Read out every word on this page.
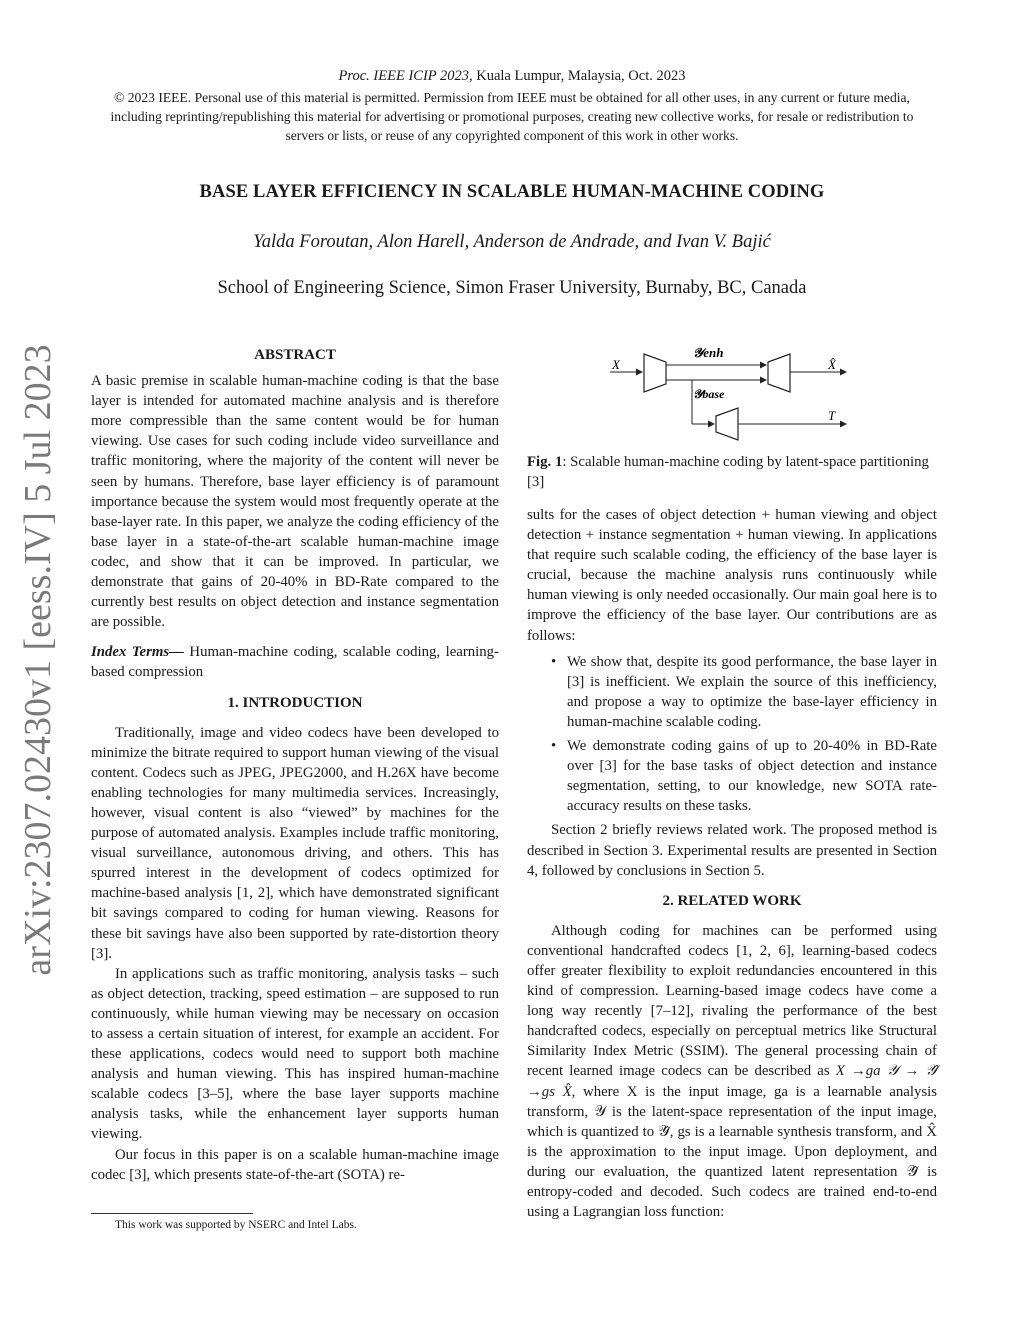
Proc. IEEE ICIP 2023, Kuala Lumpur, Malaysia, Oct. 2023
© 2023 IEEE. Personal use of this material is permitted. Permission from IEEE must be obtained for all other uses, in any current or future media, including reprinting/republishing this material for advertising or promotional purposes, creating new collective works, for resale or redistribution to servers or lists, or reuse of any copyrighted component of this work in other works.
BASE LAYER EFFICIENCY IN SCALABLE HUMAN-MACHINE CODING
Yalda Foroutan, Alon Harell, Anderson de Andrade, and Ivan V. Bajić
School of Engineering Science, Simon Fraser University, Burnaby, BC, Canada
arXiv:2307.02430v1 [eess.IV] 5 Jul 2023	ABSTRACT

A basic premise in scalable human-machine coding is that the base layer is intended for automated machine analysis and is therefore more compressible than the same content would be for human viewing. Use cases for such coding include video surveillance and traffic monitoring, where the majority of the content will never be seen by humans. Therefore, base layer efficiency is of paramount importance because the system would most frequently operate at the base-layer rate. In this paper, we analyze the coding efficiency of the base layer in a state-of-the-art scalable human-machine image codec, and show that it can be improved. In particular, we demonstrate that gains of 20-40% in BD-Rate compared to the currently best results on object detection and instance segmentation are possible.

Index Terms— Human-machine coding, scalable coding, learning-based compression

1. INTRODUCTION

Traditionally, image and video codecs have been developed to minimize the bitrate required to support human viewing of the visual content. Codecs such as JPEG, JPEG2000, and H.26X have become enabling technologies for many multimedia services. Increasingly, however, visual content is also “viewed” by machines for the purpose of automated analysis. Examples include traffic monitoring, visual surveillance, autonomous driving, and others. This has spurred interest in the development of codecs optimized for machine-based analysis [1, 2], which have demonstrated significant bit savings compared to coding for human viewing. Reasons for these bit savings have also been supported by rate-distortion theory [3].

In applications such as traffic monitoring, analysis tasks – such as object detection, tracking, speed estimation – are supposed to run continuously, while human viewing may be necessary on occasion to assess a certain situation of interest, for example an accident. For these applications, codecs would need to support both machine analysis and human viewing. This has inspired human-machine scalable codecs [3–5], where the base layer supports machine analysis tasks, while the enhancement layer supports human viewing.

Our focus in this paper is on a scalable human-machine image codec [3], which presents state-of-the-art (SOTA) re-

This work was supported by NSERC and Intel Labs.
X
𝒴enh
𝒴base
X̂
T
Fig. 1: Scalable human-machine coding by latent-space partitioning [3]

sults for the cases of object detection + human viewing and object detection + instance segmentation + human viewing. In applications that require such scalable coding, the efficiency of the base layer is crucial, because the machine analysis runs continuously while human viewing is only needed occasionally. Our main goal here is to improve the efficiency of the base layer. Our contributions are as follows:

• We show that, despite its good performance, the base layer in [3] is inefficient. We explain the source of this inefficiency, and propose a way to optimize the base-layer efficiency in human-machine scalable coding.
• We demonstrate coding gains of up to 20-40% in BD-Rate over [3] for the base tasks of object detection and instance segmentation, setting, to our knowledge, new SOTA rate-accuracy results on these tasks.

Section 2 briefly reviews related work. The proposed method is described in Section 3. Experimental results are presented in Section 4, followed by conclusions in Section 5.

2. RELATED WORK

Although coding for machines can be performed using conventional handcrafted codecs [1, 2, 6], learning-based codecs offer greater flexibility to exploit redundancies encountered in this kind of compression. Learning-based image codecs have come a long way recently [7–12], rivaling the performance of the best handcrafted codecs, especially on perceptual metrics like Structural Similarity Index Metric (SSIM). The general processing chain of recent learned image codecs can be described as X →ga 𝒴 → 𝒴̂ →gs X̂, where X is the input image, ga is a learnable analysis transform, 𝒴 is the latent-space representation of the input image, which is quantized to 𝒴̂, gs is a learnable synthesis transform, and X̂ is the approximation to the input image. Upon deployment, and during our evaluation, the quantized latent representation 𝒴̂ is entropy-coded and decoded. Such codecs are trained end-to-end using a Lagrangian loss function:
